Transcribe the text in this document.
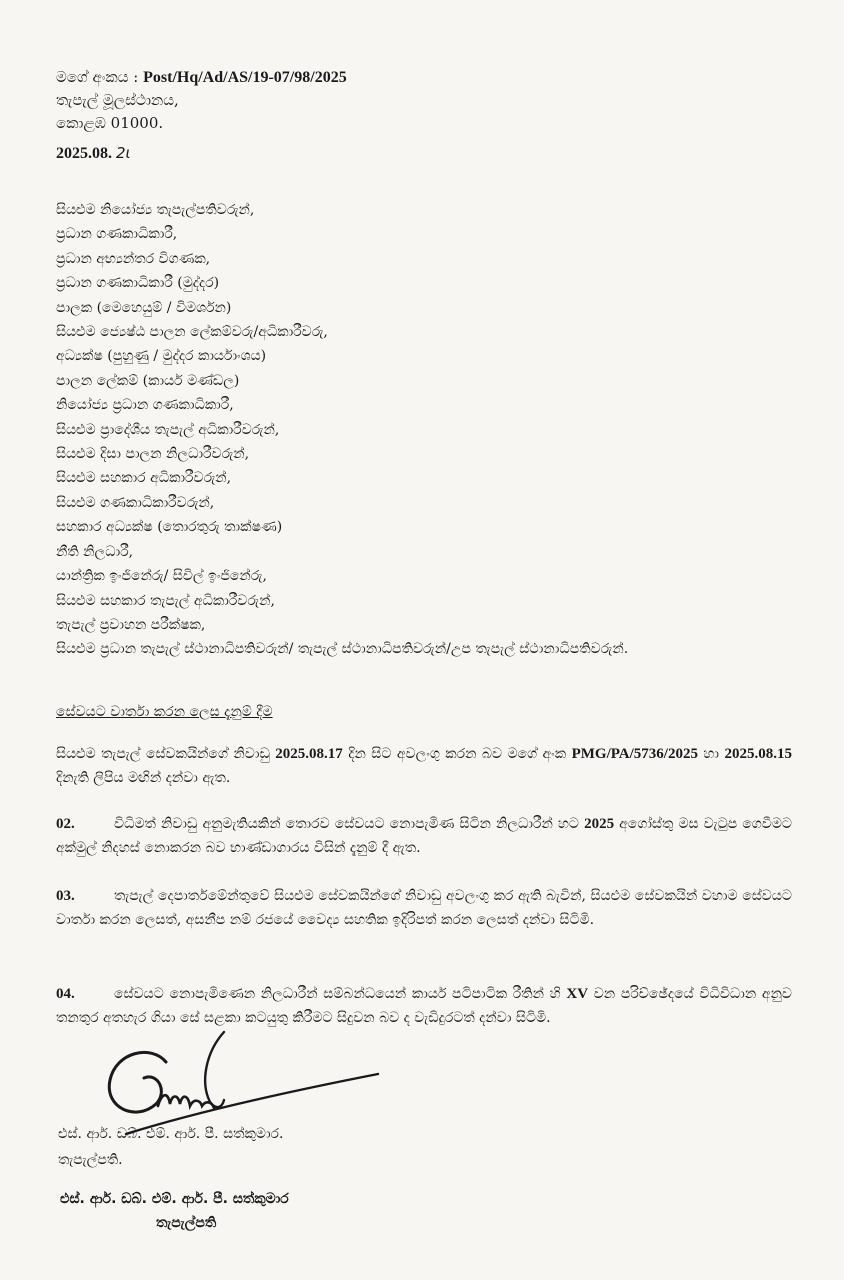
මගේ අංකය : Post/Hq/Ad/AS/19-07/98/2025
තැපැල් මූලස්ථානය,
කොළඹ 01000.
2025.08. 2ι
සියළුම නියෝජ්‍ය තැපැල්පතිවරුන්,
ප්‍රධාන ගණකාධිකාරී,
ප්‍රධාන අභ්‍යන්තර විගණක,
ප්‍රධාන ගණකාධිකාරී (මුද්දර)
පාලක (මෙහෙයුම් / විමර්ශන)
සියළුම ජ්‍යෙෂ්ඨ පාලන ලේකම්වරු/අධිකාරීවරු,
අධ්‍යක්ෂ (පුහුණු / මුද්දර කාර්යාංශය)
පාලන ලේකම් (කාර්ය මණ්ඩල)
නියෝජ්‍ය ප්‍රධාන ගණකාධිකාරී,
සියළුම ප්‍රාදේශීය තැපැල් අධිකාරීවරුන්,
සියළුම දිසා පාලන නිලධාරීවරුන්,
සියළුම සහකාර අධිකාරීවරුන්,
සියළුම ගණකාධිකාරීවරුන්,
සහකාර අධ්‍යක්ෂ (තොරතුරු තාක්ෂණ)
නීති නිලධාරී,
යාන්ත්‍රික ඉංජිනේරු/ සිවිල් ඉංජිනේරු,
සියළුම සහකාර තැපැල් අධිකාරීවරුන්,
තැපැල් ප්‍රවාහන පරීක්ෂක,
සියළුම ප්‍රධාන තැපැල් ස්ථානාධිපතිවරුන්/ තැපැල් ස්ථානාධිපතිවරුන්/උප තැපැල් ස්ථානාධිපතිවරුන්.
සේවයට වාර්තා කරන ලෙස දැනුම් දීම
සියළුම තැපැල් සේවකයින්ගේ නිවාඩු 2025.08.17 දින සිට අවලංගු කරන බව මගේ අංක PMG/PA/5736/2025 හා 2025.08.15 දිනැති ලිපිය මඟින් දන්වා ඇත.
02.	විධිමත් නිවාඩු අනුමැතියකින් තොරව සේවයට නොපැමිණ සිටින නිලධාරීන් හට 2025 අගෝස්තු මස වැටුප ගෙවීමට අක්මුල් නිදහස් නොකරන බව භාණ්ඩාගාරය විසින් දැනුම් දී ඇත.
03.	තැපැල් දෙපාර්තමේන්තුවේ සියළුම සේවකයින්ගේ නිවාඩු අවලංගු කර ඇති බැවින්, සියළුම සේවකයින් වහාම සේවයට වාර්තා කරන ලෙසත්, අසනීප නම් රජයේ වෛද්‍ය සහතික ඉදිරිපත් කරන ලෙසත් දන්වා සිටිමි.
04.	සේවයට නොපැමිණෙන නිලධාරීන් සම්බන්ධයෙන් කාර්ය පටිපාටික රීතින් හි XV වන පරිච්ඡේදයේ විධිවිධාන අනුව තනතුර අතහැර ගියා සේ සළකා කටයුතු කිරීමට සිදුවන බව ද වැඩිදුරටත් දන්වා සිටිමි.
එස්. ආර්. ඩබ්. එම්. ආර්. පී. සත්කුමාර.
තැපැල්පති.
එස්. ආර්. ඩබ්. එම්. ආර්. පී. සත්කුමාර
තැපැල්පති
